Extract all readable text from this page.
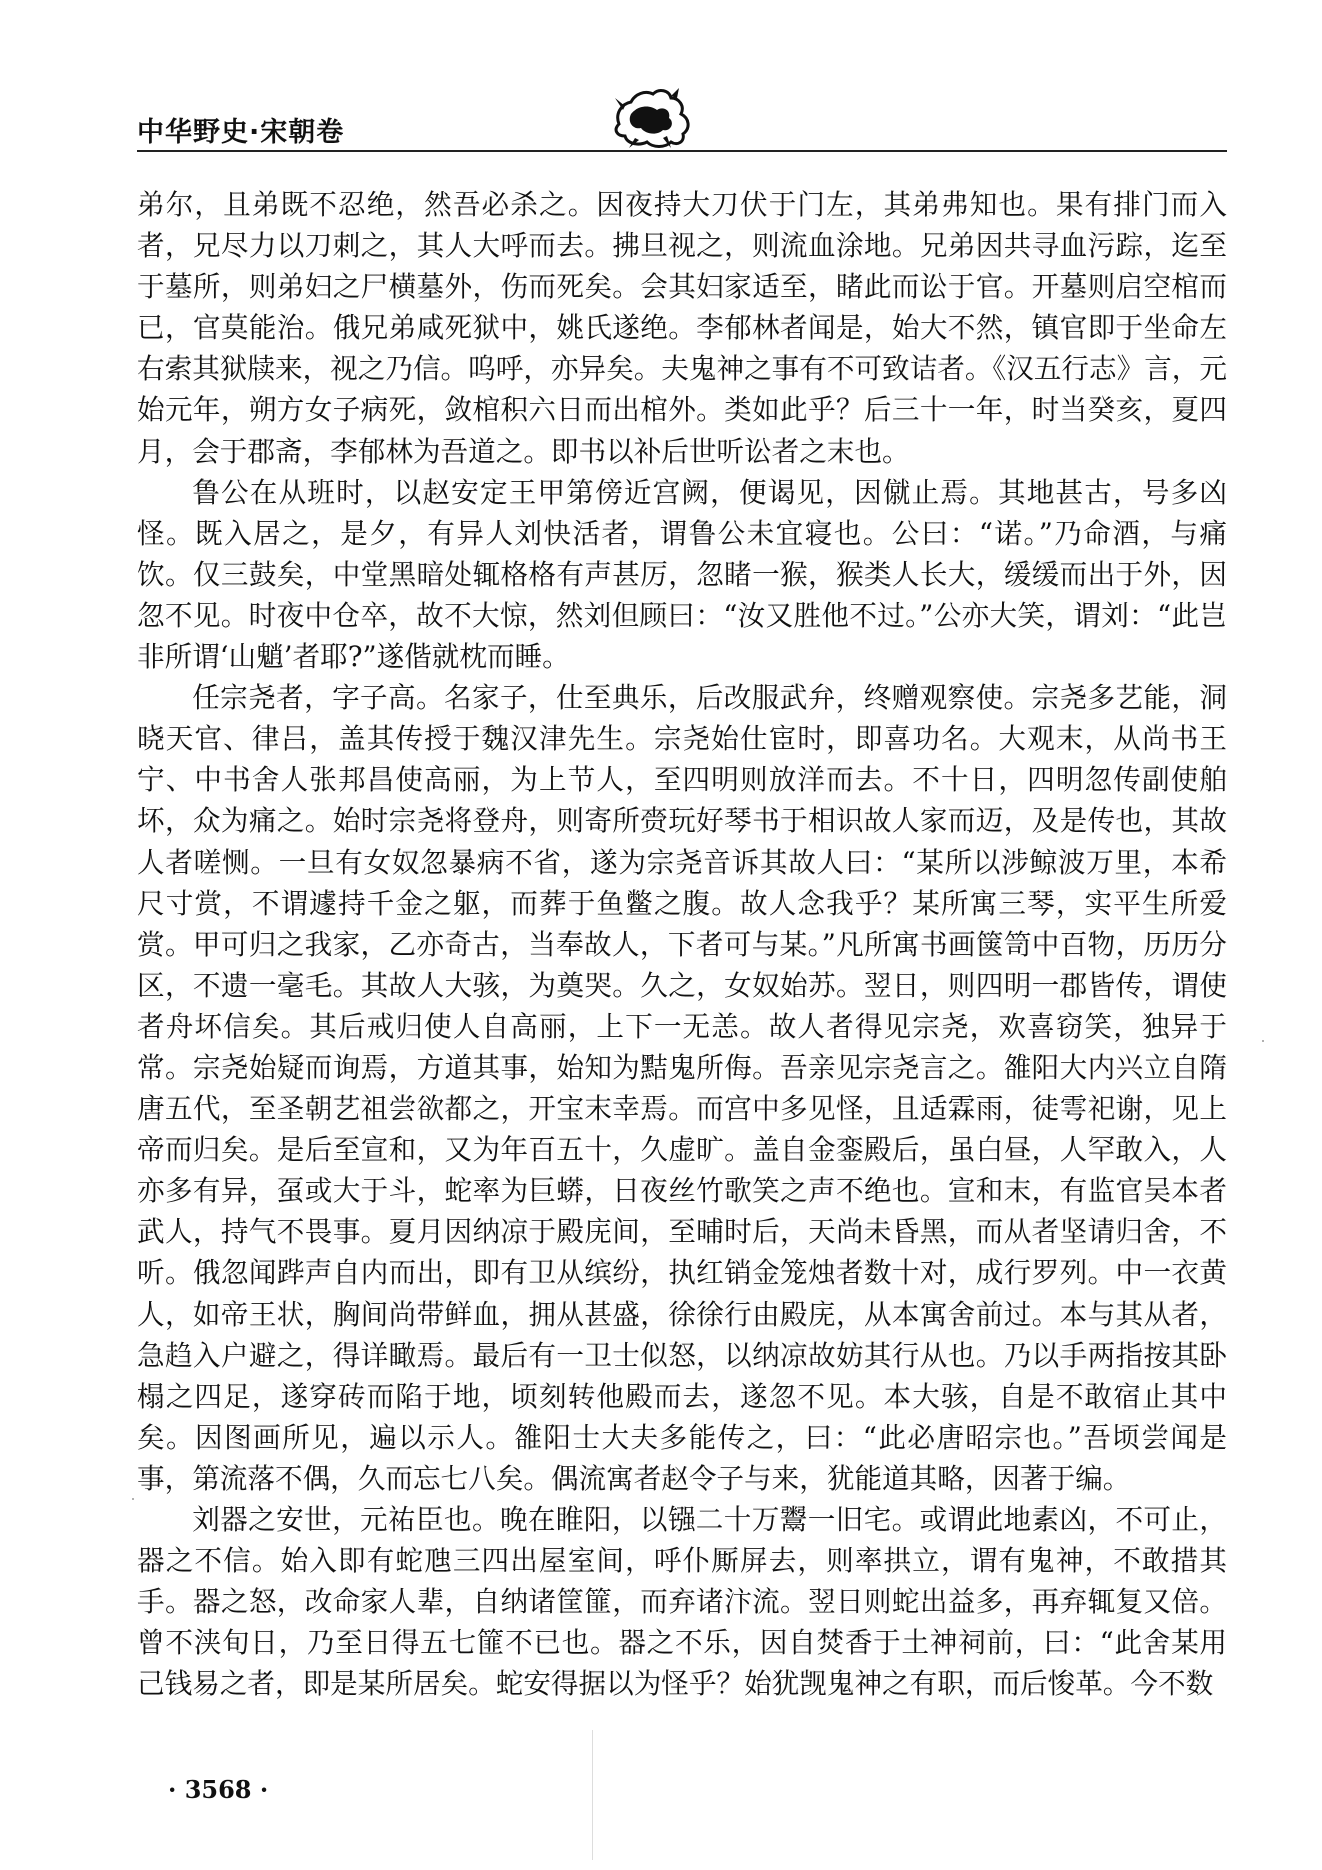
中华野史·宋朝卷

弟尔，且弟既不忍绝，然吾必杀之。因夜持大刀伏于门左，其弟弗知也。果有排门而入者，兄尽力以刀刺之，其人大呼而去。拂旦视之，则流血涂地。兄弟因共寻血污踪，迄至于墓所，则弟妇之尸横墓外，伤而死矣。会其妇家适至，睹此而讼于官。开墓则启空棺而已，官莫能治。俄兄弟咸死狱中，姚氏遂绝。李郁林者闻是，始大不然，镇官即于坐命左右索其狱牍来，视之乃信。呜呼，亦异矣。夫鬼神之事有不可致诘者。《汉五行志》言，元始元年，朔方女子病死，敛棺积六日而出棺外。类如此乎？后三十一年，时当癸亥，夏四月，会于郡斋，李郁林为吾道之。即书以补后世听讼者之末也。

鲁公在从班时，以赵安定王甲第傍近宫阙，便谒见，因僦止焉。其地甚古，号多凶怪。既入居之，是夕，有异人刘快活者，谓鲁公未宜寝也。公曰：“诺。”乃命酒，与痛饮。仅三鼓矣，中堂黑暗处辄格格有声甚厉，忽睹一猴，猴类人长大，缓缓而出于外，因忽不见。时夜中仓卒，故不大惊，然刘但顾曰：“汝又胜他不过。”公亦大笑，谓刘：“此岂非所谓‘山魈’者耶?”遂偕就枕而睡。

任宗尧者，字子高。名家子，仕至典乐，后改服武弁，终赠观察使。宗尧多艺能，洞晓天官、律吕，盖其传授于魏汉津先生。宗尧始仕宦时，即喜功名。大观末，从尚书王宁、中书舍人张邦昌使高丽，为上节人，至四明则放洋而去。不十日，四明忽传副使舶坏，众为痛之。始时宗尧将登舟，则寄所赍玩好琴书于相识故人家而迈，及是传也，其故人者嗟恻。一旦有女奴忽暴病不省，遂为宗尧音诉其故人曰：“某所以涉鲸波万里，本希尺寸赏，不谓遽持千金之躯，而葬于鱼鳖之腹。故人念我乎？某所寓三琴，实平生所爱赏。甲可归之我家，乙亦奇古，当奉故人，下者可与某。”凡所寓书画箧笥中百物，历历分区，不遗一毫毛。其故人大骇，为奠哭。久之，女奴始苏。翌日，则四明一郡皆传，谓使者舟坏信矣。其后戒归使人自高丽，上下一无恙。故人者得见宗尧，欢喜窃笑，独异于常。宗尧始疑而询焉，方道其事，始知为黠鬼所侮。吾亲见宗尧言之。雒阳大内兴立自隋唐五代，至圣朝艺祖尝欲都之，开宝末幸焉。而宫中多见怪，且适霖雨，徒雩祀谢，见上帝而归矣。是后至宣和，又为年百五十，久虚旷。盖自金銮殿后，虽白昼，人罕敢入，人亦多有异，虿或大于斗，蛇率为巨蟒，日夜丝竹歌笑之声不绝也。宣和末，有监官吴本者武人，持气不畏事。夏月因纳凉于殿庑间，至晡时后，天尚未昏黑，而从者坚请归舍，不听。俄忽闻跸声自内而出，即有卫从缤纷，执红销金笼烛者数十对，成行罗列。中一衣黄人，如帝王状，胸间尚带鲜血，拥从甚盛，徐徐行由殿庑，从本寓舍前过。本与其从者，急趋入户避之，得详瞰焉。最后有一卫士似怒，以纳凉故妨其行从也。乃以手两指按其卧榻之四足，遂穿砖而陷于地，顷刻转他殿而去，遂忽不见。本大骇，自是不敢宿止其中矣。因图画所见，遍以示人。雒阳士大夫多能传之，曰：“此必唐昭宗也。”吾顷尝闻是事，第流落不偶，久而忘七八矣。偶流寓者赵令子与来，犹能道其略，因著于编。

刘器之安世，元祐臣也。晚在睢阳，以镪二十万鬻一旧宅。或谓此地素凶，不可止，器之不信。始入即有蛇虺三四出屋室间，呼仆厮屏去，则率拱立，谓有鬼神，不敢措其手。器之怒，改命家人辈，自纳诸筐篚，而弃诸汴流。翌日则蛇出益多，再弃辄复又倍。曾不浃旬日，乃至日得五七篚不已也。器之不乐，因自焚香于土神祠前，曰：“此舍某用己钱易之者，即是某所居矣。蛇安得据以为怪乎？始犹觊鬼神之有职，而后悛革。今不数

· 3568 ·
